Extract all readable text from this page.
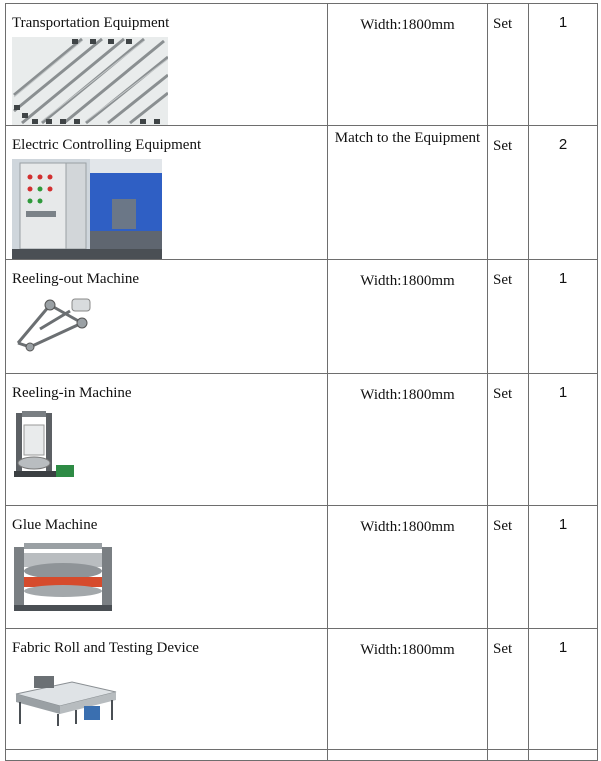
Transportation Equipment	Width:1800mm	Set	1

Electric Controlling Equipment	Match to the Equipment	Set	2

Reeling-out Machine	Width:1800mm	Set	1

Reeling-in Machine	Width:1800mm	Set	1

Glue Machine	Width:1800mm	Set	1

Fabric Roll and Testing Device	Width:1800mm	Set	1
